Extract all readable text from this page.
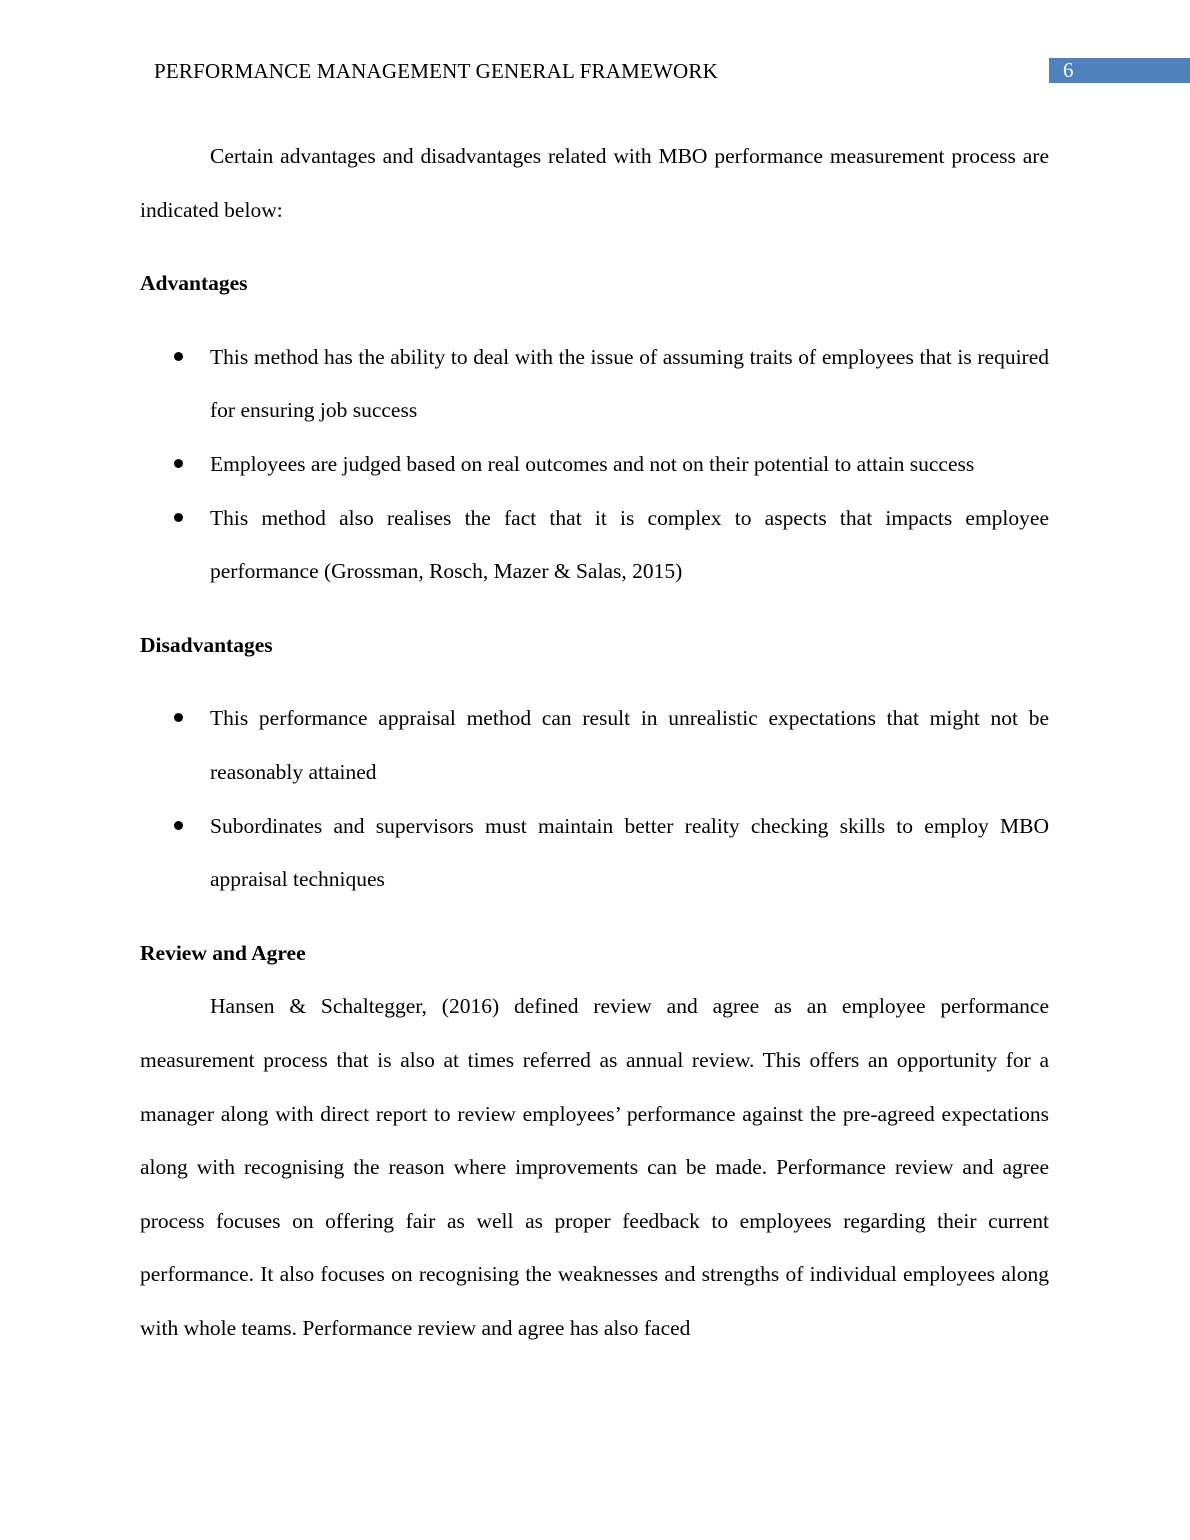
PERFORMANCE MANAGEMENT GENERAL FRAMEWORK	6

Certain advantages and disadvantages related with MBO performance measurement process are indicated below:

Advantages

This method has the ability to deal with the issue of assuming traits of employees that is required for ensuring job success
Employees are judged based on real outcomes and not on their potential to attain success
This method also realises the fact that it is complex to aspects that impacts employee performance (Grossman, Rosch, Mazer & Salas, 2015)

Disadvantages

This performance appraisal method can result in unrealistic expectations that might not be reasonably attained
Subordinates and supervisors must maintain better reality checking skills to employ MBO appraisal techniques

Review and Agree

Hansen & Schaltegger, (2016) defined review and agree as an employee performance measurement process that is also at times referred as annual review. This offers an opportunity for a manager along with direct report to review employees’ performance against the pre-agreed expectations along with recognising the reason where improvements can be made. Performance review and agree process focuses on offering fair as well as proper feedback to employees regarding their current performance. It also focuses on recognising the weaknesses and strengths of individual employees along with whole teams. Performance review and agree has also faced
